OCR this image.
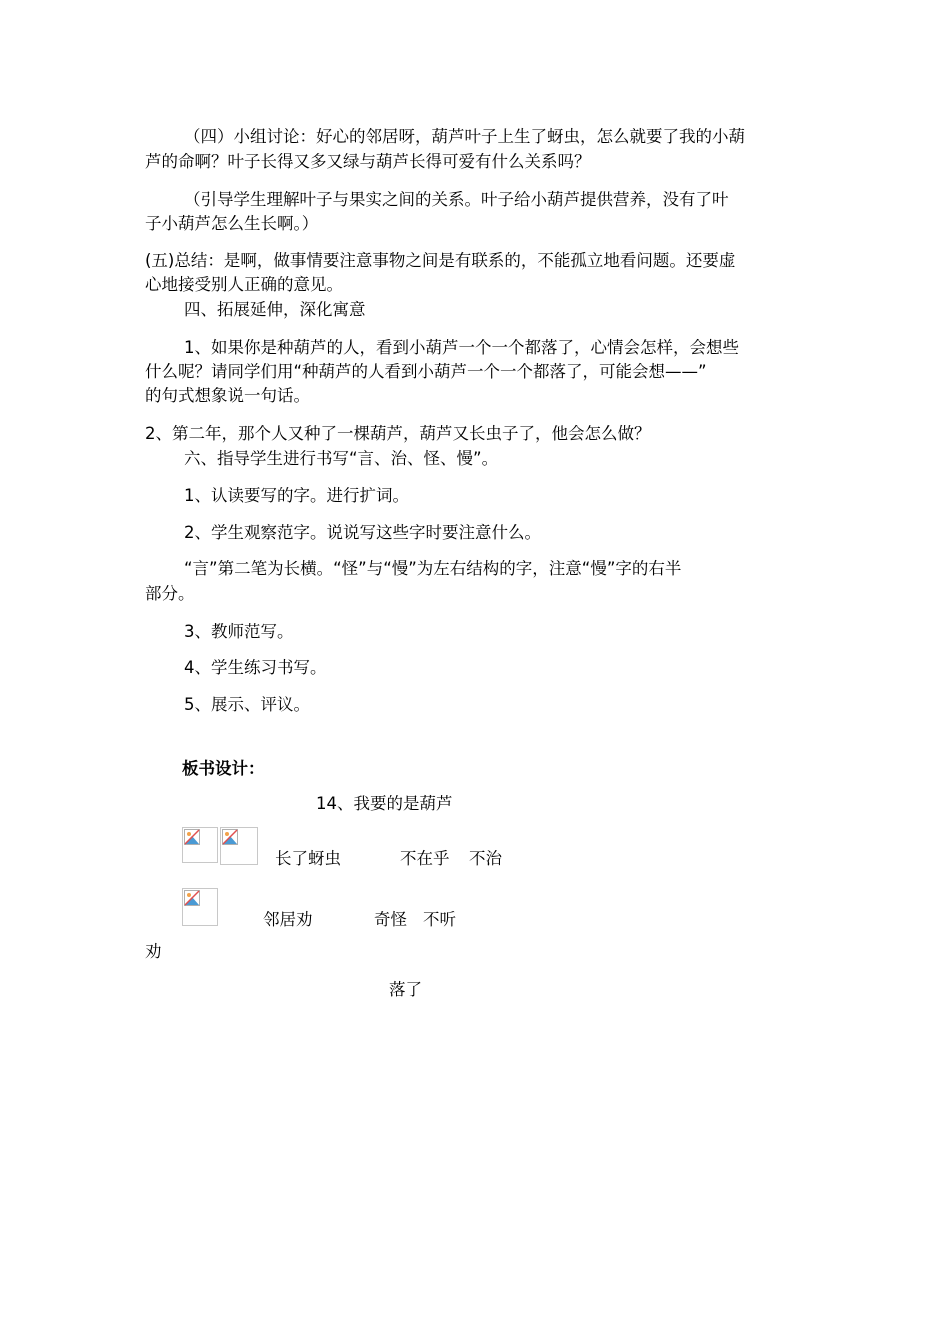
（四）小组讨论：好心的邻居呀，葫芦叶子上生了蚜虫，怎么就要了我的小葫
芦的命啊？叶子长得又多又绿与葫芦长得可爱有什么关系吗？
（引导学生理解叶子与果实之间的关系。叶子给小葫芦提供营养，没有了叶
子小葫芦怎么生长啊。）
(五)总结：是啊，做事情要注意事物之间是有联系的，不能孤立地看问题。还要虚
心地接受别人正确的意见。
四、拓展延伸，深化寓意
1、如果你是种葫芦的人，看到小葫芦一个一个都落了，心情会怎样，会想些
什么呢？请同学们用“种葫芦的人看到小葫芦一个一个都落了，可能会想——”
的句式想象说一句话。
2、第二年，那个人又种了一棵葫芦，葫芦又长虫子了，他会怎么做？
六、指导学生进行书写“言、治、怪、慢”。
1、认读要写的字。进行扩词。
2、学生观察范字。说说写这些字时要注意什么。
“言”第二笔为长横。“怪”与“慢”为左右结构的字，注意“慢”字的右半
部分。
3、教师范写。
4、学生练习书写。
5、展示、评议。
板书设计：
14、我要的是葫芦
长了蚜虫	不在乎 不治
邻居劝	奇怪 不听
劝
落了
